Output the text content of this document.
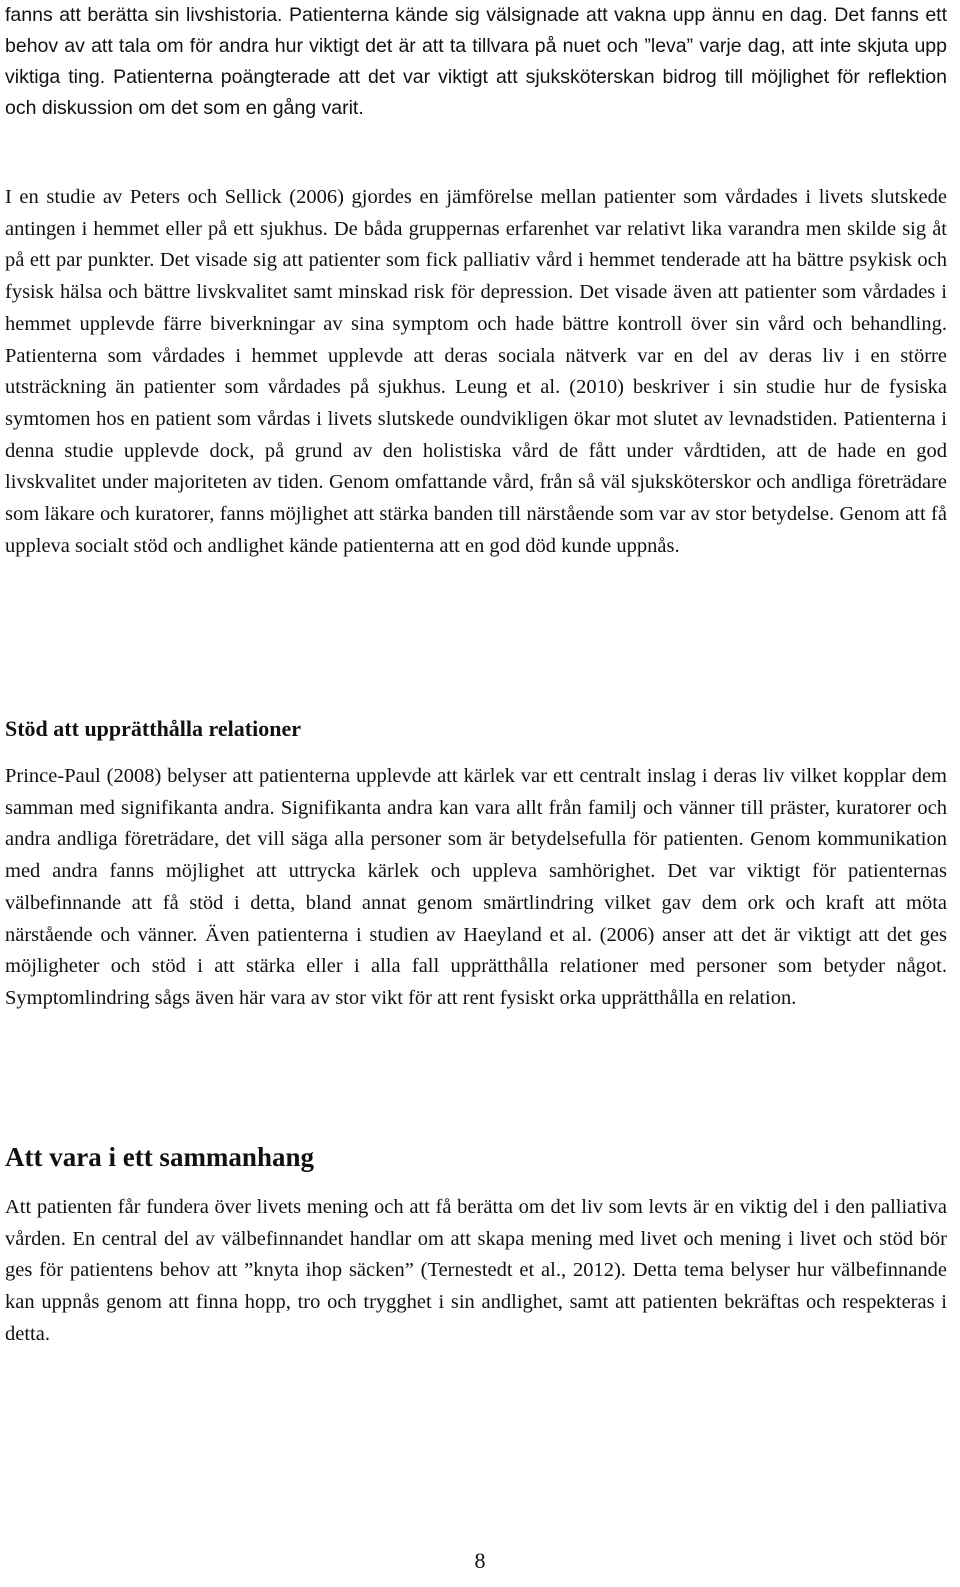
fanns att berätta sin livshistoria. Patienterna kände sig välsignade att vakna upp ännu en dag. Det fanns ett behov av att tala om för andra hur viktigt det är att ta tillvara på nuet och ”leva” varje dag, att inte skjuta upp viktiga ting. Patienterna poängterade att det var viktigt att sjuksköterskan bidrog till möjlighet för reflektion och diskussion om det som en gång varit.

I en studie av Peters och Sellick (2006) gjordes en jämförelse mellan patienter som vårdades i livets slutskede antingen i hemmet eller på ett sjukhus. De båda gruppernas erfarenhet var relativt lika varandra men skilde sig åt på ett par punkter. Det visade sig att patienter som fick palliativ vård i hemmet tenderade att ha bättre psykisk och fysisk hälsa och bättre livskvalitet samt minskad risk för depression. Det visade även att patienter som vårdades i hemmet upplevde färre biverkningar av sina symptom och hade bättre kontroll över sin vård och behandling. Patienterna som vårdades i hemmet upplevde att deras sociala nätverk var en del av deras liv i en större utsträckning än patienter som vårdades på sjukhus. Leung et al. (2010) beskriver i sin studie hur de fysiska symtomen hos en patient som vårdas i livets slutskede oundvikligen ökar mot slutet av levnadstiden. Patienterna i denna studie upplevde dock, på grund av den holistiska vård de fått under vårdtiden, att de hade en god livskvalitet under majoriteten av tiden. Genom omfattande vård, från så väl sjuksköterskor och andliga företrädare som läkare och kuratorer, fanns möjlighet att stärka banden till närstående som var av stor betydelse. Genom att få uppleva socialt stöd och andlighet kände patienterna att en god död kunde uppnås.

Stöd att upprätthålla relationer

Prince-Paul (2008) belyser att patienterna upplevde att kärlek var ett centralt inslag i deras liv vilket kopplar dem samman med signifikanta andra. Signifikanta andra kan vara allt från familj och vänner till präster, kuratorer och andra andliga företrädare, det vill säga alla personer som är betydelsefulla för patienten. Genom kommunikation med andra fanns möjlighet att uttrycka kärlek och uppleva samhörighet. Det var viktigt för patienternas välbefinnande att få stöd i detta, bland annat genom smärtlindring vilket gav dem ork och kraft att möta närstående och vänner. Även patienterna i studien av Haeyland et al. (2006) anser att det är viktigt att det ges möjligheter och stöd i att stärka eller i alla fall upprätthålla relationer med personer som betyder något. Symptomlindring sågs även här vara av stor vikt för att rent fysiskt orka upprätthålla en relation.

Att vara i ett sammanhang

Att patienten får fundera över livets mening och att få berätta om det liv som levts är en viktig del i den palliativa vården. En central del av välbefinnandet handlar om att skapa mening med livet och mening i livet och stöd bör ges för patientens behov att ”knyta ihop säcken” (Ternestedt et al., 2012). Detta tema belyser hur välbefinnande kan uppnås genom att finna hopp, tro och trygghet i sin andlighet, samt att patienten bekräftas och respekteras i detta.

8
